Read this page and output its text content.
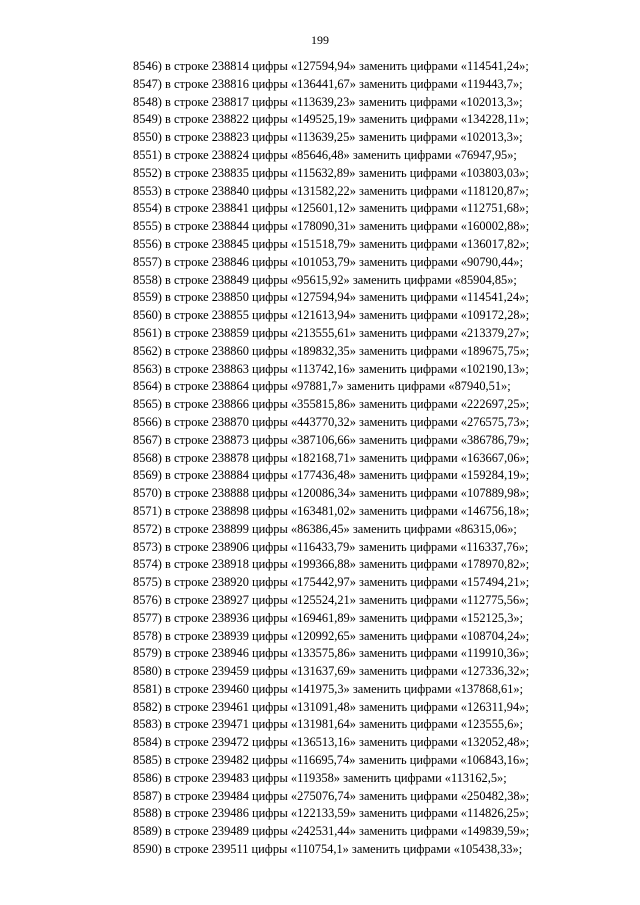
199
8546) в строке 238814 цифры «127594,94» заменить цифрами «114541,24»;
8547) в строке 238816 цифры «136441,67» заменить цифрами «119443,7»;
8548) в строке 238817 цифры «113639,23» заменить цифрами «102013,3»;
8549) в строке 238822 цифры «149525,19» заменить цифрами «134228,11»;
8550) в строке 238823 цифры «113639,25» заменить цифрами «102013,3»;
8551) в строке 238824 цифры «85646,48» заменить цифрами «76947,95»;
8552) в строке 238835 цифры «115632,89» заменить цифрами «103803,03»;
8553) в строке 238840 цифры «131582,22» заменить цифрами «118120,87»;
8554) в строке 238841 цифры «125601,12» заменить цифрами «112751,68»;
8555) в строке 238844 цифры «178090,31» заменить цифрами «160002,88»;
8556) в строке 238845 цифры «151518,79» заменить цифрами «136017,82»;
8557) в строке 238846 цифры «101053,79» заменить цифрами «90790,44»;
8558) в строке 238849 цифры «95615,92» заменить цифрами «85904,85»;
8559) в строке 238850 цифры «127594,94» заменить цифрами «114541,24»;
8560) в строке 238855 цифры «121613,94» заменить цифрами «109172,28»;
8561) в строке 238859 цифры «213555,61» заменить цифрами «213379,27»;
8562) в строке 238860 цифры «189832,35» заменить цифрами «189675,75»;
8563) в строке 238863 цифры «113742,16» заменить цифрами «102190,13»;
8564) в строке 238864 цифры «97881,7» заменить цифрами «87940,51»;
8565) в строке 238866 цифры «355815,86» заменить цифрами «222697,25»;
8566) в строке 238870 цифры «443770,32» заменить цифрами «276575,73»;
8567) в строке 238873 цифры «387106,66» заменить цифрами «386786,79»;
8568) в строке 238878 цифры «182168,71» заменить цифрами «163667,06»;
8569) в строке 238884 цифры «177436,48» заменить цифрами «159284,19»;
8570) в строке 238888 цифры «120086,34» заменить цифрами «107889,98»;
8571) в строке 238898 цифры «163481,02» заменить цифрами «146756,18»;
8572) в строке 238899 цифры «86386,45» заменить цифрами «86315,06»;
8573) в строке 238906 цифры «116433,79» заменить цифрами «116337,76»;
8574) в строке 238918 цифры «199366,88» заменить цифрами «178970,82»;
8575) в строке 238920 цифры «175442,97» заменить цифрами «157494,21»;
8576) в строке 238927 цифры «125524,21» заменить цифрами «112775,56»;
8577) в строке 238936 цифры «169461,89» заменить цифрами «152125,3»;
8578) в строке 238939 цифры «120992,65» заменить цифрами «108704,24»;
8579) в строке 238946 цифры «133575,86» заменить цифрами «119910,36»;
8580) в строке 239459 цифры «131637,69» заменить цифрами «127336,32»;
8581) в строке 239460 цифры «141975,3» заменить цифрами «137868,61»;
8582) в строке 239461 цифры «131091,48» заменить цифрами «126311,94»;
8583) в строке 239471 цифры «131981,64» заменить цифрами «123555,6»;
8584) в строке 239472 цифры «136513,16» заменить цифрами «132052,48»;
8585) в строке 239482 цифры «116695,74» заменить цифрами «106843,16»;
8586) в строке 239483 цифры «119358» заменить цифрами «113162,5»;
8587) в строке 239484 цифры «275076,74» заменить цифрами «250482,38»;
8588) в строке 239486 цифры «122133,59» заменить цифрами «114826,25»;
8589) в строке 239489 цифры «242531,44» заменить цифрами «149839,59»;
8590) в строке 239511 цифры «110754,1» заменить цифрами «105438,33»;
